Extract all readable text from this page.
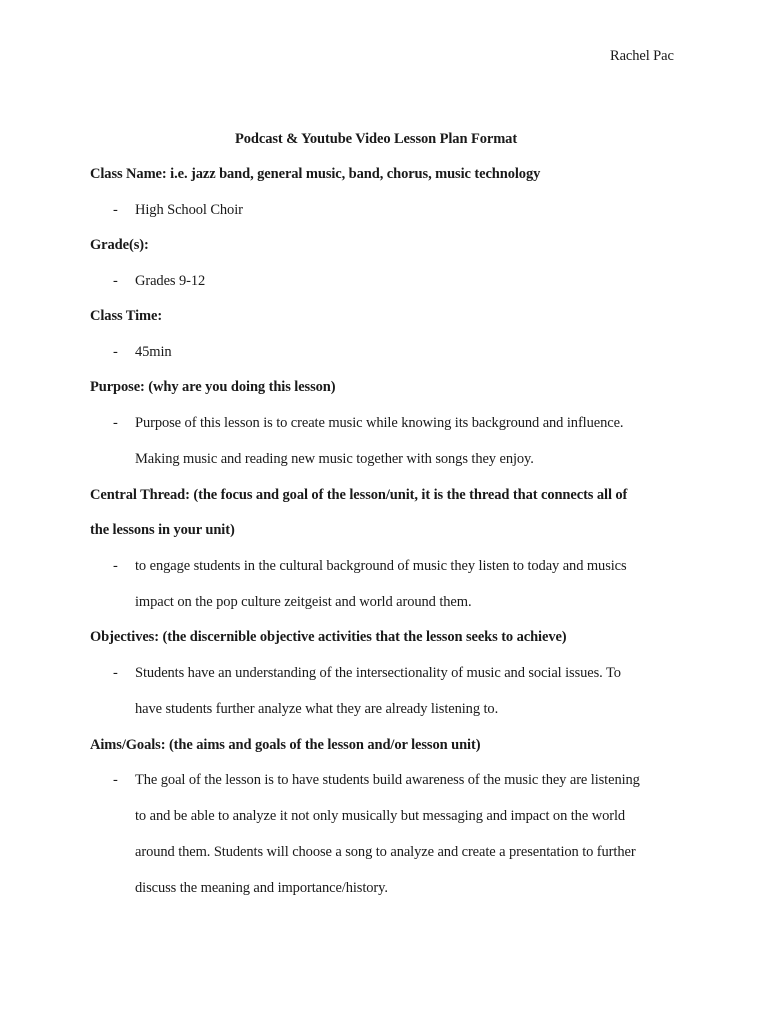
Rachel Pac
Podcast & Youtube Video Lesson Plan Format
Class Name: i.e. jazz band, general music, band, chorus, music technology
- High School Choir
Grade(s):
- Grades 9-12
Class Time:
- 45min
Purpose: (why are you doing this lesson)
- Purpose of this lesson is to create music while knowing its background and influence.
Making music and reading new music together with songs they enjoy.
Central Thread: (the focus and goal of the lesson/unit, it is the thread that connects all of
the lessons in your unit)
- to engage students in the cultural background of music they listen to today and musics
impact on the pop culture zeitgeist and world around them.
Objectives: (the discernible objective activities that the lesson seeks to achieve)
- Students have an understanding of the intersectionality of music and social issues. To
have students further analyze what they are already listening to.
Aims/Goals: (the aims and goals of the lesson and/or lesson unit)
- The goal of the lesson is to have students build awareness of the music they are listening
to and be able to analyze it not only musically but messaging and impact on the world
around them. Students will choose a song to analyze and create a presentation to further
discuss the meaning and importance/history.
